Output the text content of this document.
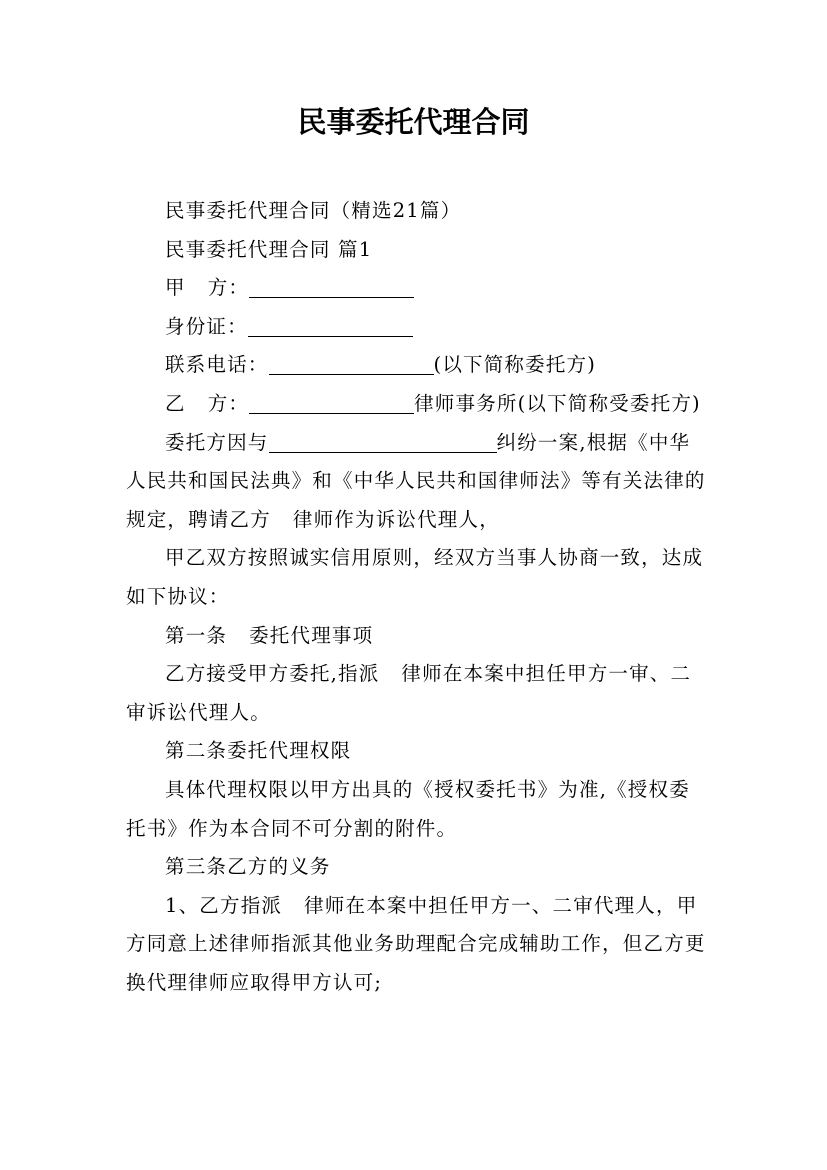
民事委托代理合同

民事委托代理合同（精选21篇）

民事委托代理合同 篇1

甲 方：

身份证：

联系电话：	(以下简称委托方)

乙 方：	律师事务所(以下简称受委托方)

委托方因与	纠纷一案,根据《中华人民共和国民法典》和《中华人民共和国律师法》等有关法律的规定，聘请乙方 律师作为诉讼代理人，

甲乙双方按照诚实信用原则，经双方当事人协商一致，达成如下协议：

第一条 委托代理事项

乙方接受甲方委托,指派 律师在本案中担任甲方一审、二审诉讼代理人。

第二条委托代理权限

具体代理权限以甲方出具的《授权委托书》为准,《授权委托书》作为本合同不可分割的附件。

第三条乙方的义务

1、乙方指派 律师在本案中担任甲方一、二审代理人，甲方同意上述律师指派其他业务助理配合完成辅助工作，但乙方更换代理律师应取得甲方认可;
